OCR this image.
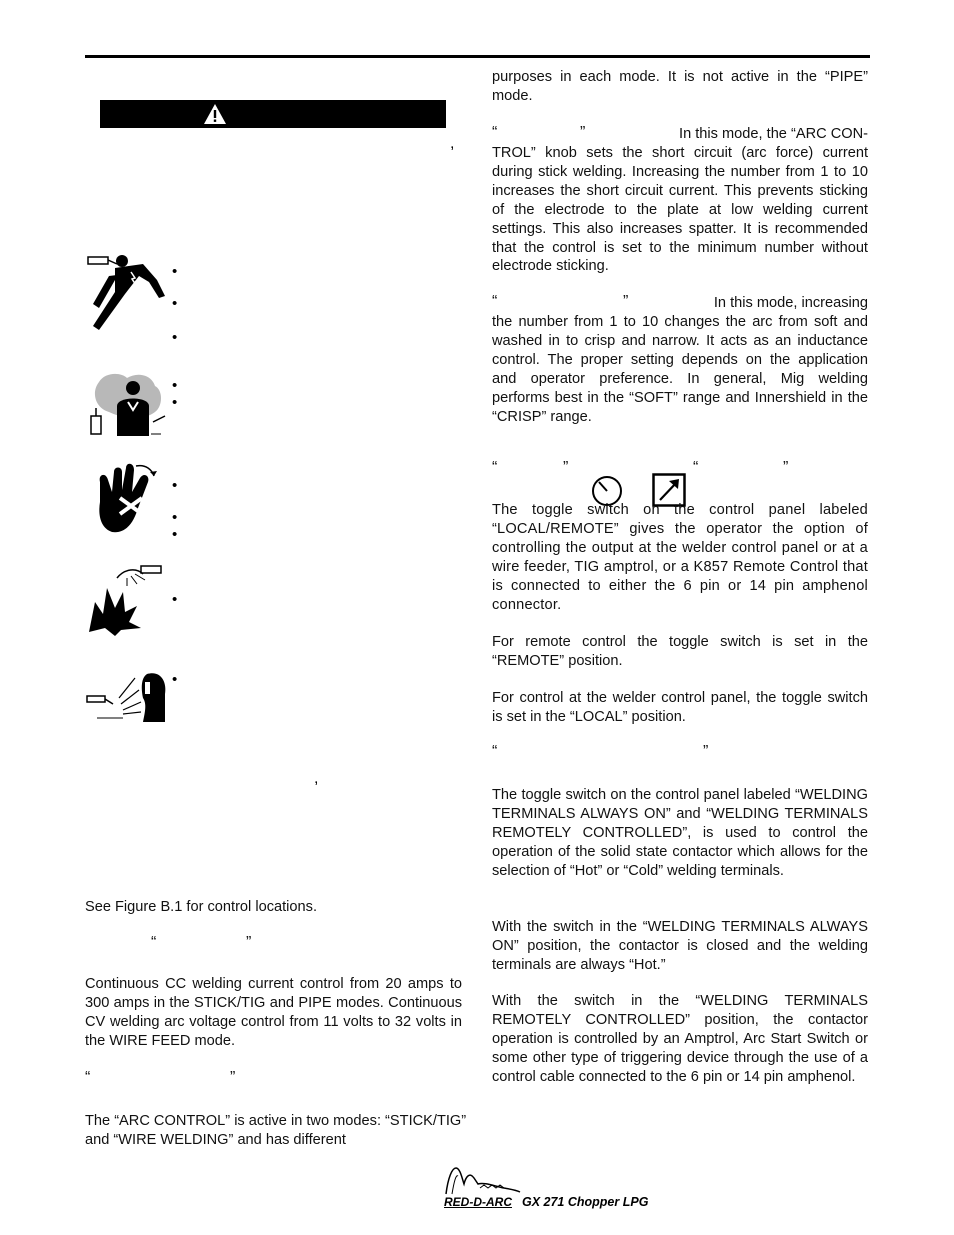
,
•
•
•
•
•
•
•
•
•
•
,
See Figure B.1 for control locations.
“	”

Continuous CC welding current control from 20 amps to 300 amps in the STICK/TIG and PIPE modes. Continuous CV welding arc voltage control from 11 volts to 32 volts in the WIRE FEED mode.

“	”

The “ARC CONTROL” is active in two modes: “STICK/TIG” and “WIRE WELDING” and has different

purposes in each mode. It is not active in the “PIPE” mode.

“	”	In this mode, the “ARC CON-

TROL” knob sets the short circuit (arc force) current during stick welding. Increasing the number from 1 to 10 increases the short circuit current. This prevents sticking of the electrode to the plate at low welding current settings. This also increases spatter. It is recommended that the control is set to the minimum number without electrode sticking.

“	”	In this mode, increasing

the number from 1 to 10 changes the arc from soft and washed in to crisp and narrow. It acts as an inductance control. The proper setting depends on the application and operator preference. In general, Mig welding performs best in the “SOFT” range and Innershield in the “CRISP” range.

“	”	“	”

The toggle switch on the control panel labeled “LOCAL/REMOTE” gives the operator the option of controlling the output at the welder control panel or at a wire feeder, TIG amptrol, or a K857 Remote Control that is connected to either the 6 pin or 14 pin amphenol connector.

For remote control the toggle switch is set in the “REMOTE” position.

For control at the welder control panel, the toggle switch is set in the “LOCAL” position.

“	”

The toggle switch on the control panel labeled “WELDING TERMINALS ALWAYS ON” and “WELDING TERMINALS REMOTELY CONTROLLED”, is used to control the operation of the solid state contactor which allows for the selection of “Hot” or “Cold” welding terminals.

With the switch in the “WELDING TERMINALS ALWAYS ON” position, the contactor is closed and the welding terminals are always “Hot.”

With the switch in the “WELDING TERMINALS REMOTELY CONTROLLED” position, the contactor operation is controlled by an Amptrol, Arc Start Switch or some other type of triggering device through the use of a control cable connected to the 6 pin or 14 pin amphenol.

RED-D-ARC GX 271 Chopper LPG
